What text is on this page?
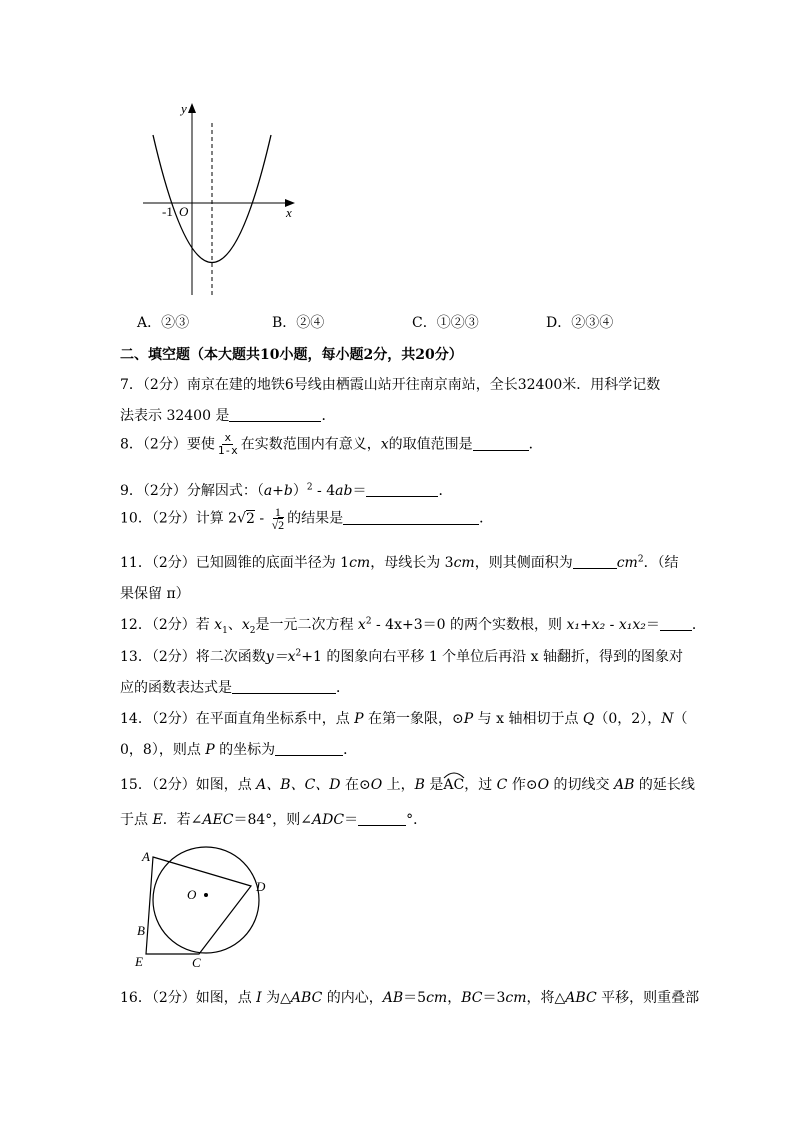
y
x
O
-1
A．②③	B．②④	C．①②③	D．②③④
二、填空题（本大题共10小题，每小题2分，共20分）
7．（2分）南京在建的地铁6号线由栖霞山站开往南京南站，全长32400米．用科学记数
法表示 32400 是	．
8．（2分）要使 $\frac{x}{1-x}$ 在实数范围内有意义，x的取值范围是	．
9．（2分）分解因式：$(a+b)^2 - 4ab=$	．
10．（2分）计算 $2√2 - \frac{1}{√2}$ 的结果是	．
11．（2分）已知圆锥的底面半径为 1cm，母线长为 3cm，则其侧面积为	$cm^2$．（结
果保留 π）
12．（2分）若 $x_1$、$x_2$是一元二次方程 $x^2 - 4x+3=0$ 的两个实数根，则 x₁+x₂ - x₁x₂＝ ．
13．（2分）将二次函数$y=x^2+1$ 的图象向右平移 1 个单位后再沿 x 轴翻折，得到的图象对
应的函数表达式是	．
14．（2分）在平面直角坐标系中，点 P 在第一象限，⊙P 与 x 轴相切于点 Q（0，2），N（
0，8），则点 P 的坐标为	．
15．（2分）如图，点 A、B、C、D 在⊙O 上，B 是
AC，过 C 作⊙O 的切线交 AB 的延长线
于点 E．若∠AEC＝84°，则∠ADC＝	°．
A
D
B
E	C
O
16．（2分）如图，点 I 为△ABC 的内心，AB＝5cm，BC＝3cm，将△ABC 平移，则重叠部
